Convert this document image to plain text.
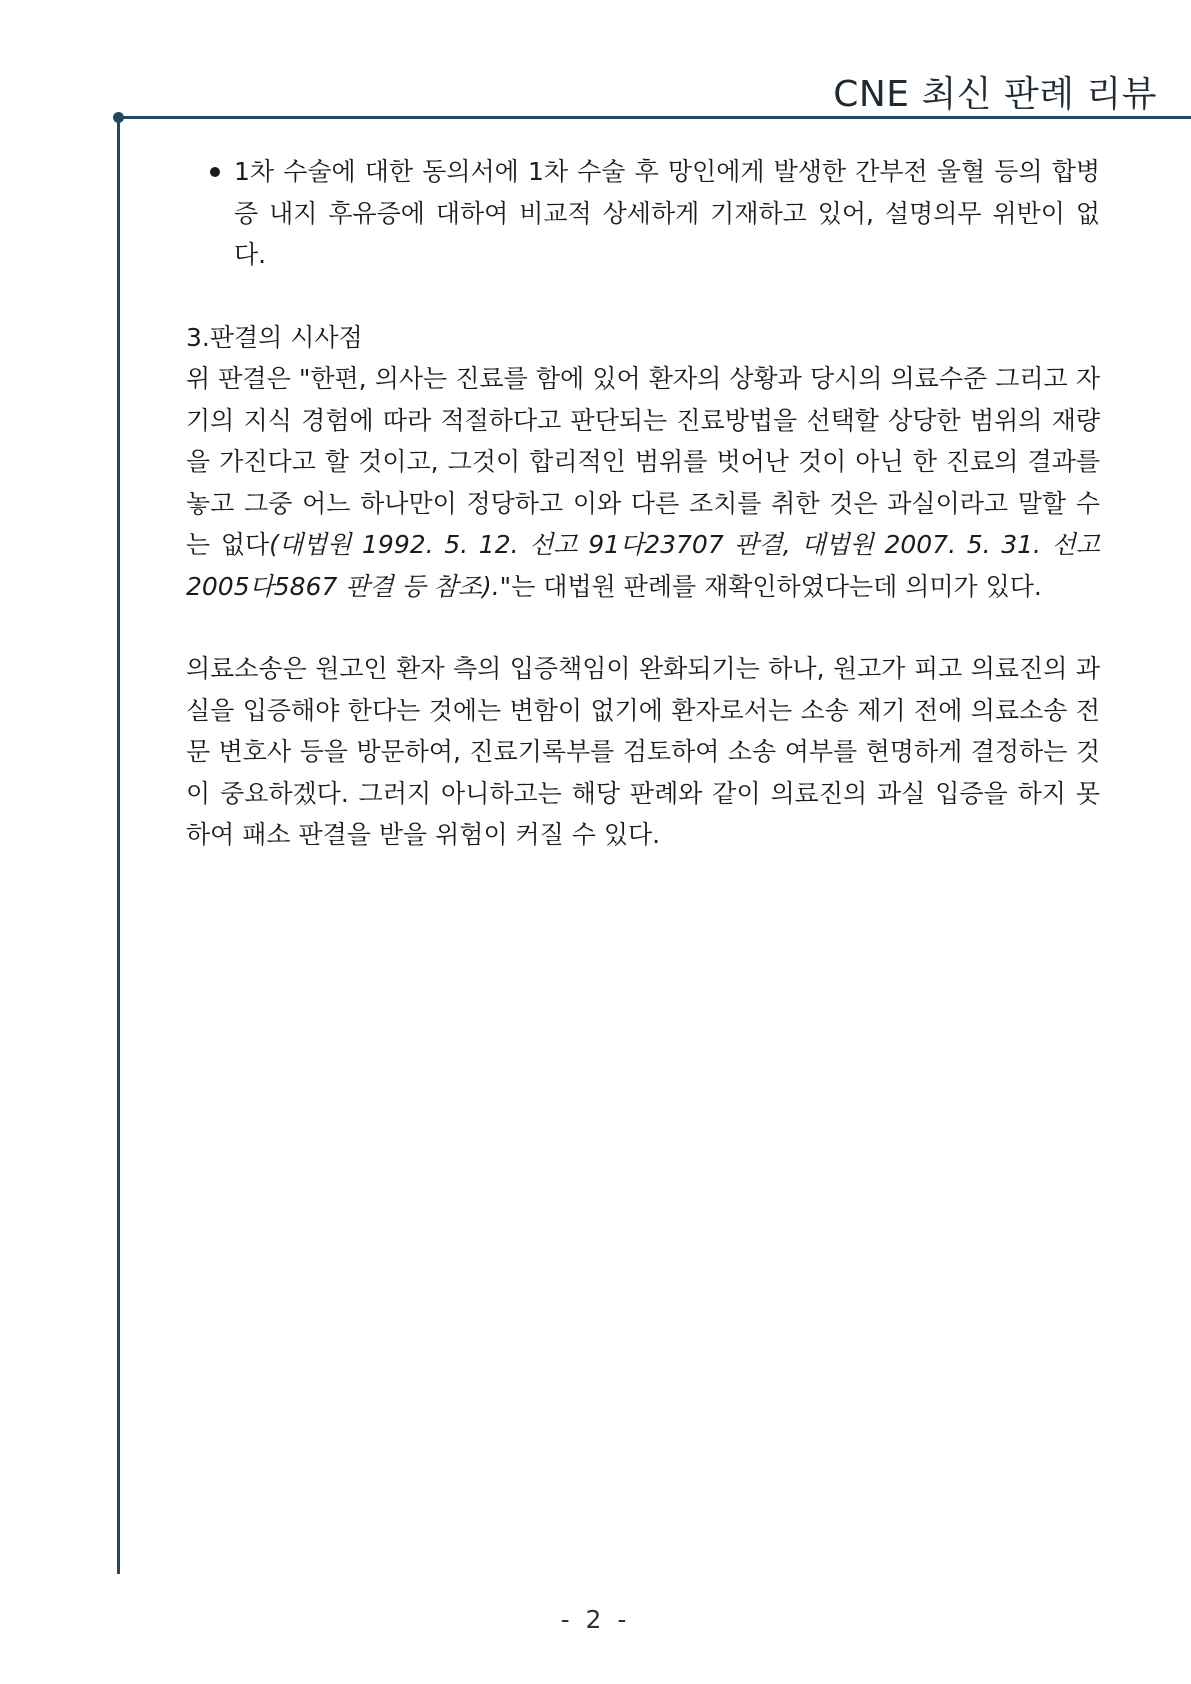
CNE 최신 판례 리뷰
1차 수술에 대한 동의서에 1차 수술 후 망인에게 발생한 간부전 울혈 등의 합병증 내지 후유증에 대하여 비교적 상세하게 기재하고 있어, 설명의무 위반이 없다.
3.판결의 시사점

위 판결은 "한편, 의사는 진료를 함에 있어 환자의 상황과 당시의 의료수준 그리고 자기의 지식 경험에 따라 적절하다고 판단되는 진료방법을 선택할 상당한 범위의 재량을 가진다고 할 것이고, 그것이 합리적인 범위를 벗어난 것이 아닌 한 진료의 결과를 놓고 그중 어느 하나만이 정당하고 이와 다른 조치를 취한 것은 과실이라고 말할 수는 없다(대법원 1992. 5. 12. 선고 91다23707 판결, 대법원 2007. 5. 31. 선고 2005다5867 판결 등 참조)."는 대법원 판례를 재확인하였다는데 의미가 있다.

의료소송은 원고인 환자 측의 입증책임이 완화되기는 하나, 원고가 피고 의료진의 과실을 입증해야 한다는 것에는 변함이 없기에 환자로서는 소송 제기 전에 의료소송 전문 변호사 등을 방문하여, 진료기록부를 검토하여 소송 여부를 현명하게 결정하는 것이 중요하겠다. 그러지 아니하고는 해당 판례와 같이 의료진의 과실 입증을 하지 못하여 패소 판결을 받을 위험이 커질 수 있다.

- 2 -
